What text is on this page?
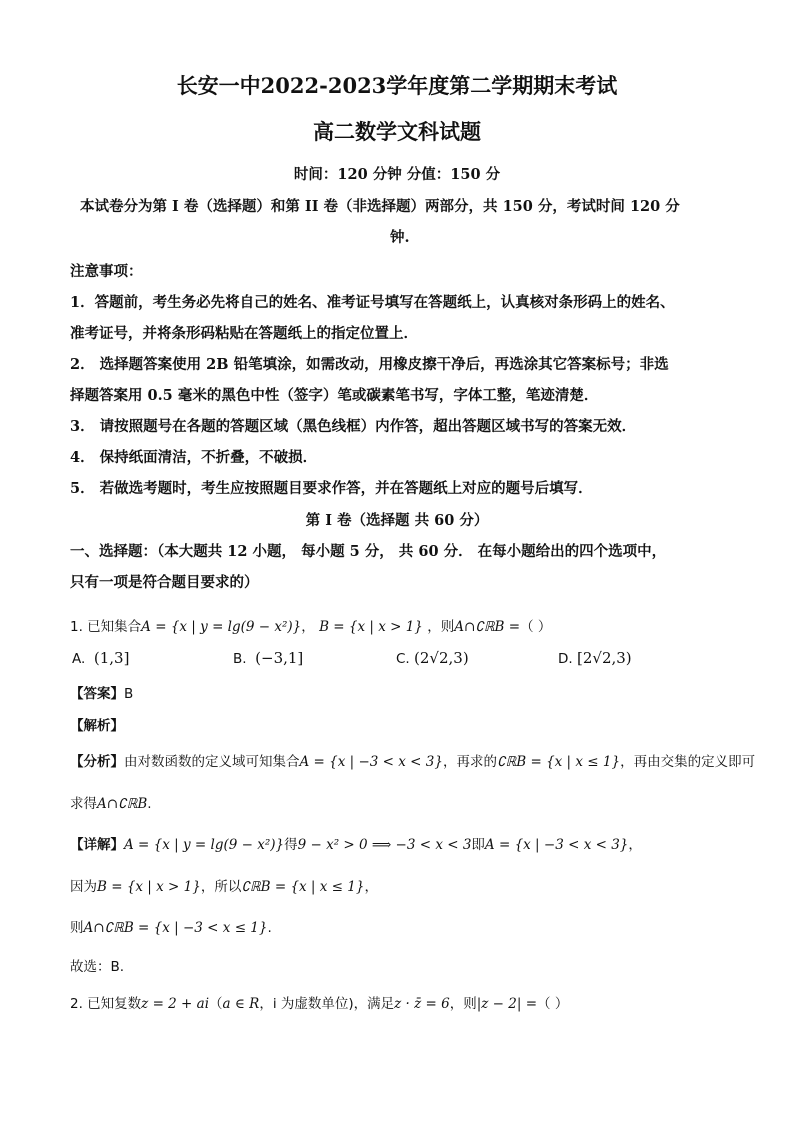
长安一中2022-2023学年度第二学期期末考试
高二数学文科试题
时间：120 分钟 分值：150 分
本试卷分为第 I 卷（选择题）和第 II 卷（非选择题）两部分，共 150 分，考试时间 120 分
钟.
注意事项：
1．答题前，考生务必先将自己的姓名、准考证号填写在答题纸上，认真核对条形码上的姓名、
准考证号，并将条形码粘贴在答题纸上的指定位置上．
2． 选择题答案使用 2B 铅笔填涂，如需改动，用橡皮擦干净后，再选涂其它答案标号；非选
择题答案用 0.5 毫米的黑色中性（签字）笔或碳素笔书写，字体工整，笔迹清楚．
3． 请按照题号在各题的答题区域（黑色线框）内作答，超出答题区域书写的答案无效．
4． 保持纸面清洁，不折叠，不破损．
5． 若做选考题时，考生应按照题目要求作答，并在答题纸上对应的题号后填写．
第 I 卷（选择题 共 60 分）
一、选择题：（本大题共 12 小题， 每小题 5 分， 共 60 分． 在每小题给出的四个选项中，
只有一项是符合题目要求的）
1. 已知集合A = {x | y = lg(9 − x²)}， B = {x | x > 1} ，则A∩∁ℝB =（ ）
A. (1,3]	B. (−3,1]	C. (2√2,3)	D. [2√2,3)
【答案】B
【解析】
【分析】由对数函数的定义域可知集合A = {x | −3 < x < 3}，再求的∁ℝB = {x | x ≤ 1}，再由交集的定义即可
求得A∩∁ℝB.
【详解】A = {x | y = lg(9 − x²)}得9 − x² > 0 ⟹ −3 < x < 3即A = {x | −3 < x < 3}，
因为B = {x | x > 1}，所以∁ℝB = {x | x ≤ 1}，
则A∩∁ℝB = {x | −3 < x ≤ 1}.
故选：B.
2. 已知复数z = 2 + ai（a ∈ R，i 为虚数单位)，满足z · z̄ = 6，则|z − 2| =（ ）
